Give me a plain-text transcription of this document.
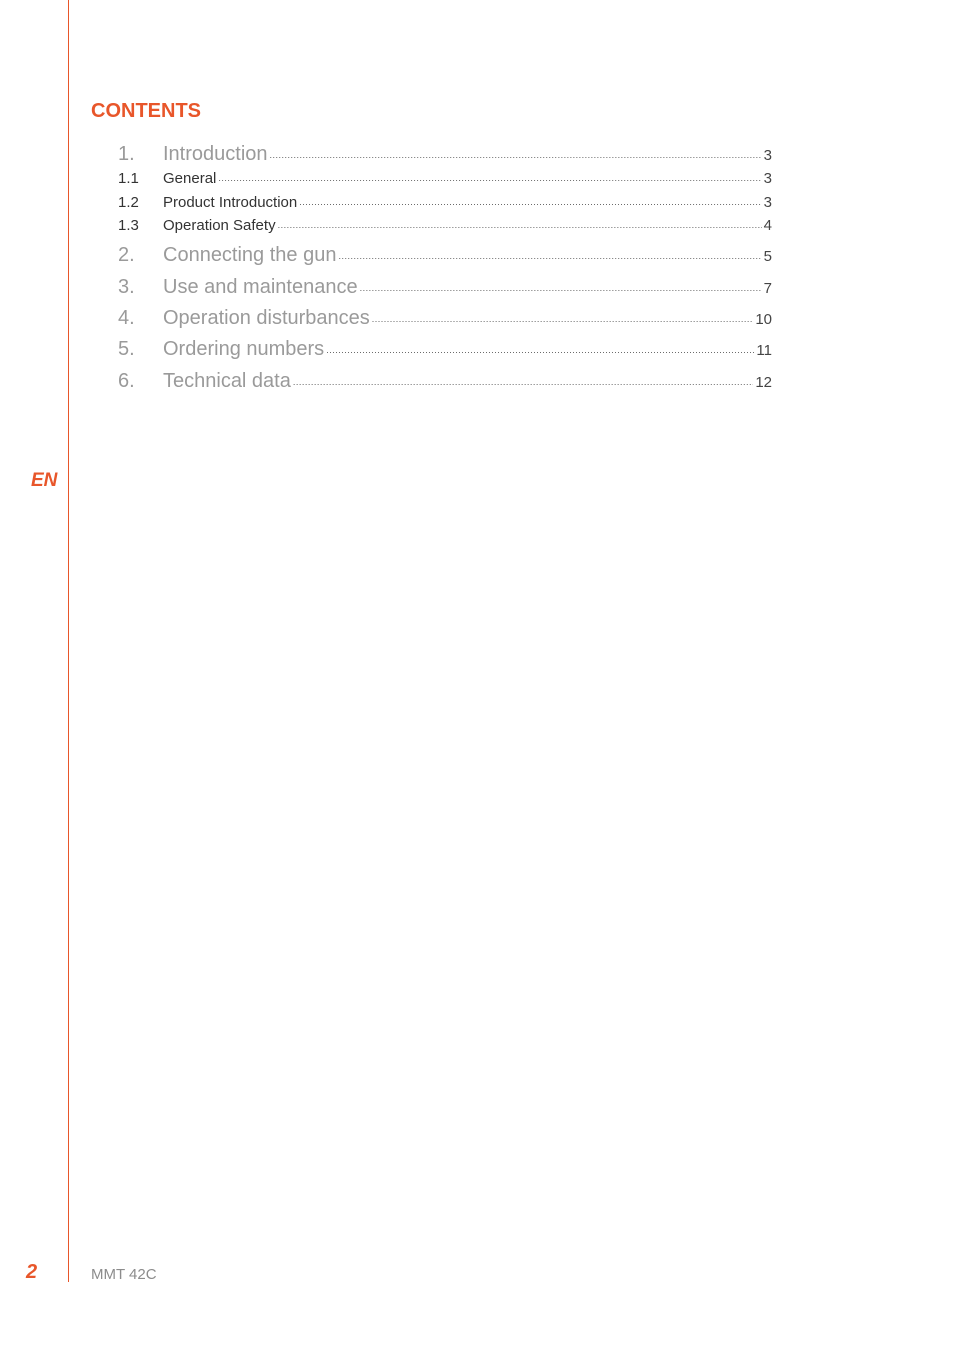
EN
2	MMT 42C
CONTENTS
1.	Introduction .....	3
1.1	General .....	3
1.2	Product Introduction .....	3
1.3	Operation Safety .....	4
2.	Connecting the gun .....	5
3.	Use and maintenance .....	7
4.	Operation disturbances .....	10
5.	Ordering numbers .....	11
6.	Technical data .....	12
